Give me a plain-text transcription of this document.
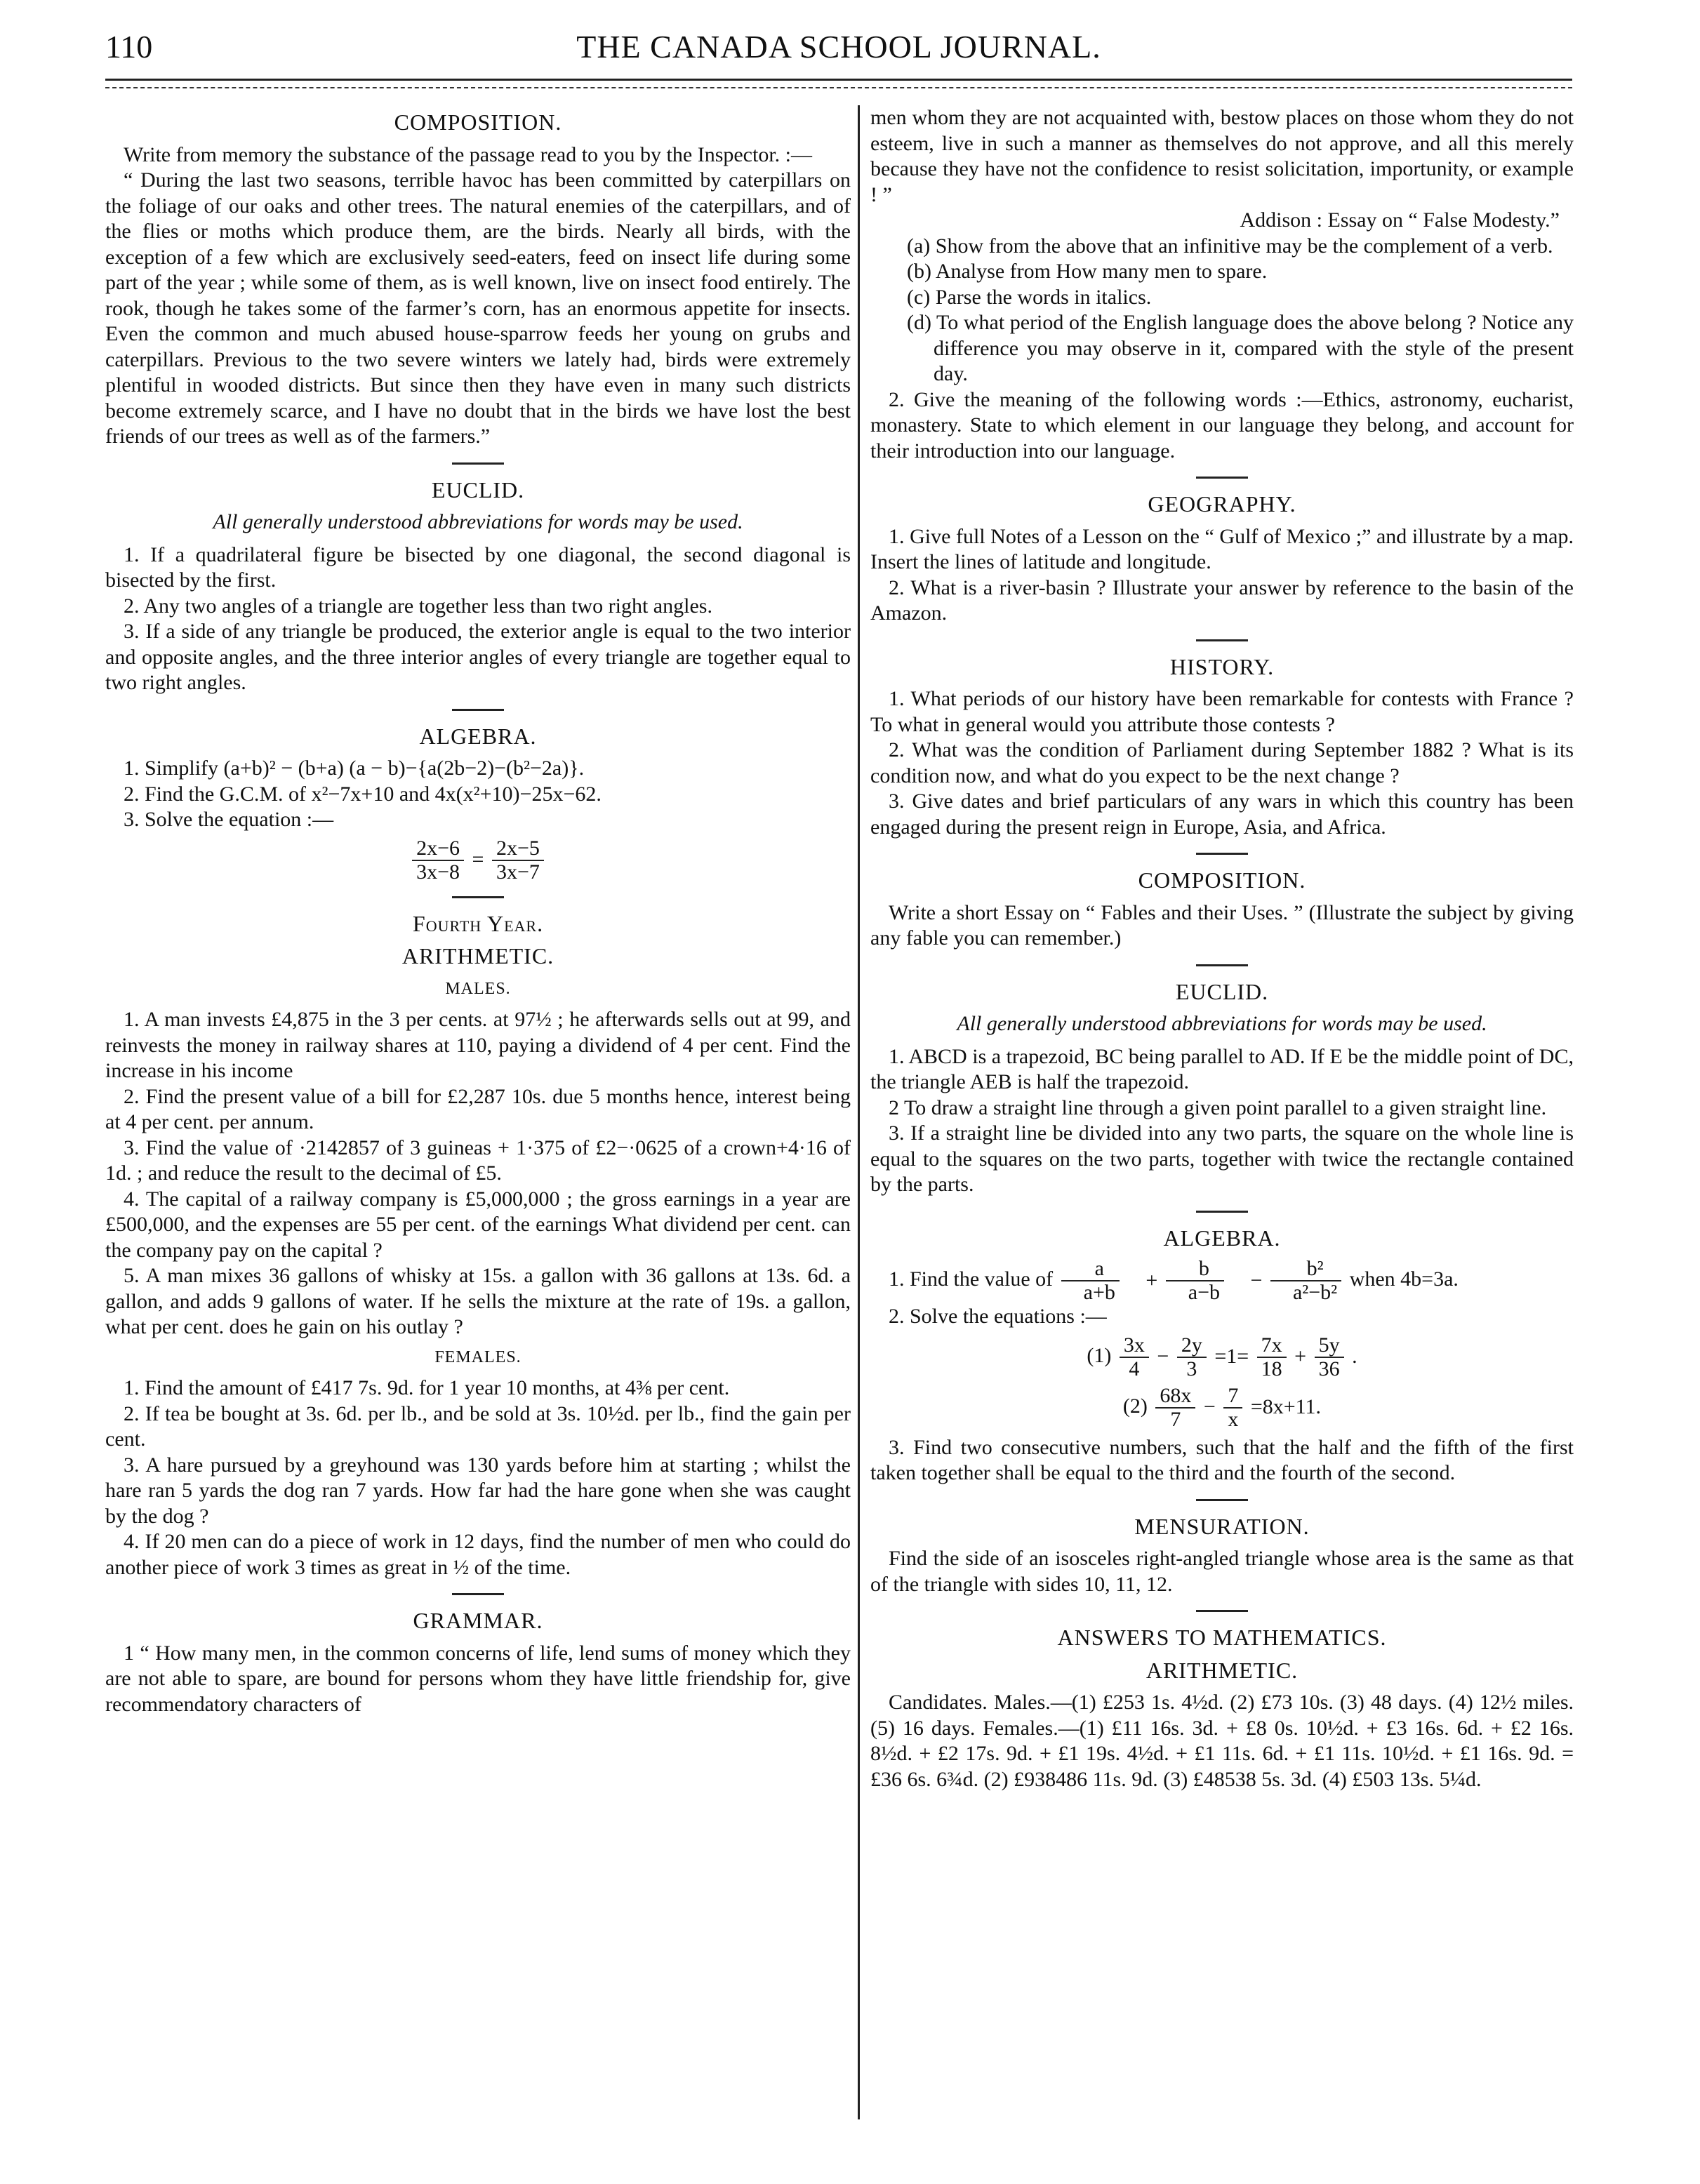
110	THE CANADA SCHOOL JOURNAL.
COMPOSITION.

Write from memory the substance of the passage read to you by the Inspector. :—

“ During the last two seasons, terrible havoc has been committed by caterpillars on the foliage of our oaks and other trees. The natural enemies of the caterpillars, and of the flies or moths which produce them, are the birds. Nearly all birds, with the exception of a few which are exclusively seed-eaters, feed on insect life during some part of the year ; while some of them, as is well known, live on insect food entirely. The rook, though he takes some of the farmer’s corn, has an enormous appetite for insects. Even the common and much abused house-sparrow feeds her young on grubs and caterpillars. Previous to the two severe winters we lately had, birds were extremely plentiful in wooded districts. But since then they have even in many such districts become extremely scarce, and I have no doubt that in the birds we have lost the best friends of our trees as well as of the farmers.”

EUCLID.

All generally understood abbreviations for words may be used.

1. If a quadrilateral figure be bisected by one diagonal, the second diagonal is bisected by the first.

2. Any two angles of a triangle are together less than two right angles.

3. If a side of any triangle be produced, the exterior angle is equal to the two interior and opposite angles, and the three interior angles of every triangle are together equal to two right angles.

ALGEBRA.

1. Simplify (a+b)² − (b+a) (a − b)−{a(2b−2)−(b²−2a)}.

2. Find the G.C.M. of x²−7x+10 and 4x(x²+10)−25x−62.

3. Solve the equation :—

$\frac{2x-6}{3x-8} = \frac{2x-5}{3x-7}$
Fourth Year.
ARITHMETIC.
MALES.

1. A man invests £4,875 in the 3 per cents. at 97½ ; he afterwards sells out at 99, and reinvests the money in railway shares at 110, paying a dividend of 4 per cent. Find the increase in his income

2. Find the present value of a bill for £2,287 10s. due 5 months hence, interest being at 4 per cent. per annum.

3. Find the value of ·2142857 of 3 guineas + 1·375 of £2−·0625 of a crown+4·16 of 1d. ; and reduce the result to the decimal of £5.

4. The capital of a railway company is £5,000,000 ; the gross earnings in a year are £500,000, and the expenses are 55 per cent. of the earnings What dividend per cent. can the company pay on the capital ?

5. A man mixes 36 gallons of whisky at 15s. a gallon with 36 gallons at 13s. 6d. a gallon, and adds 9 gallons of water. If he sells the mixture at the rate of 19s. a gallon, what per cent. does he gain on his outlay ?

FEMALES.

1. Find the amount of £417 7s. 9d. for 1 year 10 months, at 4⅜ per cent.

2. If tea be bought at 3s. 6d. per lb., and be sold at 3s. 10½d. per lb., find the gain per cent.

3. A hare pursued by a greyhound was 130 yards before him at starting ; whilst the hare ran 5 yards the dog ran 7 yards. How far had the hare gone when she was caught by the dog ?

4. If 20 men can do a piece of work in 12 days, find the number of men who could do another piece of work 3 times as great in ½ of the time.

GRAMMAR.

1 “ How many men, in the common concerns of life, lend sums of money which they are not able to spare, are bound for persons whom they have little friendship for, give recommendatory characters of

men whom they are not acquainted with, bestow places on those whom they do not esteem, live in such a manner as themselves do not approve, and all this merely because they have not the confidence to resist solicitation, importunity, or example ! ”

Addison : Essay on “ False Modesty.”

(a) Show from the above that an infinitive may be the complement of a verb.

(b) Analyse from How many men to spare.

(c) Parse the words in italics.

(d) To what period of the English language does the above belong ? Notice any difference you may observe in it, compared with the style of the present day.

2. Give the meaning of the following words :—Ethics, astronomy, eucharist, monastery. State to which element in our language they belong, and account for their introduction into our language.

GEOGRAPHY.

1. Give full Notes of a Lesson on the “ Gulf of Mexico ;” and illustrate by a map. Insert the lines of latitude and longitude.

2. What is a river-basin ? Illustrate your answer by reference to the basin of the Amazon.

HISTORY.

1. What periods of our history have been remarkable for contests with France ? To what in general would you attribute those contests ?

2. What was the condition of Parliament during September 1882 ? What is its condition now, and what do you expect to be the next change ?

3. Give dates and brief particulars of any wars in which this country has been engaged during the present reign in Europe, Asia, and Africa.

COMPOSITION.

Write a short Essay on “ Fables and their Uses. ” (Illustrate the subject by giving any fable you can remember.)

EUCLID.

All generally understood abbreviations for words may be used.

1. ABCD is a trapezoid, BC being parallel to AD. If E be the middle point of DC, the triangle AEB is half the trapezoid.

2 To draw a straight line through a given point parallel to a given straight line.

3. If a straight line be divided into any two parts, the square on the whole line is equal to the squares on the two parts, together with twice the rectangle contained by the parts.

ALGEBRA.

1. Find the value of $\frac{a}{a+b} + \frac{b}{a-b} - \frac{\text{b²}}{\text{a²−b²}}$ when 4b=3a.

2. Solve the equations :—

$(1) \frac{3x}{4} - \frac{2y}{3} =1= \frac{7x}{18} + \frac{5y}{36}$ .
$(2) \frac{68x}{7} - \frac{7}{x} =8x+11$.

3. Find two consecutive numbers, such that the half and the fifth of the first taken together shall be equal to the third and the fourth of the second.

MENSURATION.

Find the side of an isosceles right-angled triangle whose area is the same as that of the triangle with sides 10, 11, 12.

ANSWERS TO MATHEMATICS.
ARITHMETIC.

Candidates. Males.—(1) £253 1s. 4½d. (2) £73 10s. (3) 48 days. (4) 12½ miles. (5) 16 days. Females.—(1) £11 16s. 3d. + £8 0s. 10½d. + £3 16s. 6d. + £2 16s. 8½d. + £2 17s. 9d. + £1 19s. 4½d. + £1 11s. 6d. + £1 11s. 10½d. + £1 16s. 9d. = £36 6s. 6¾d. (2) £938486 11s. 9d. (3) £48538 5s. 3d. (4) £503 13s. 5¼d.
